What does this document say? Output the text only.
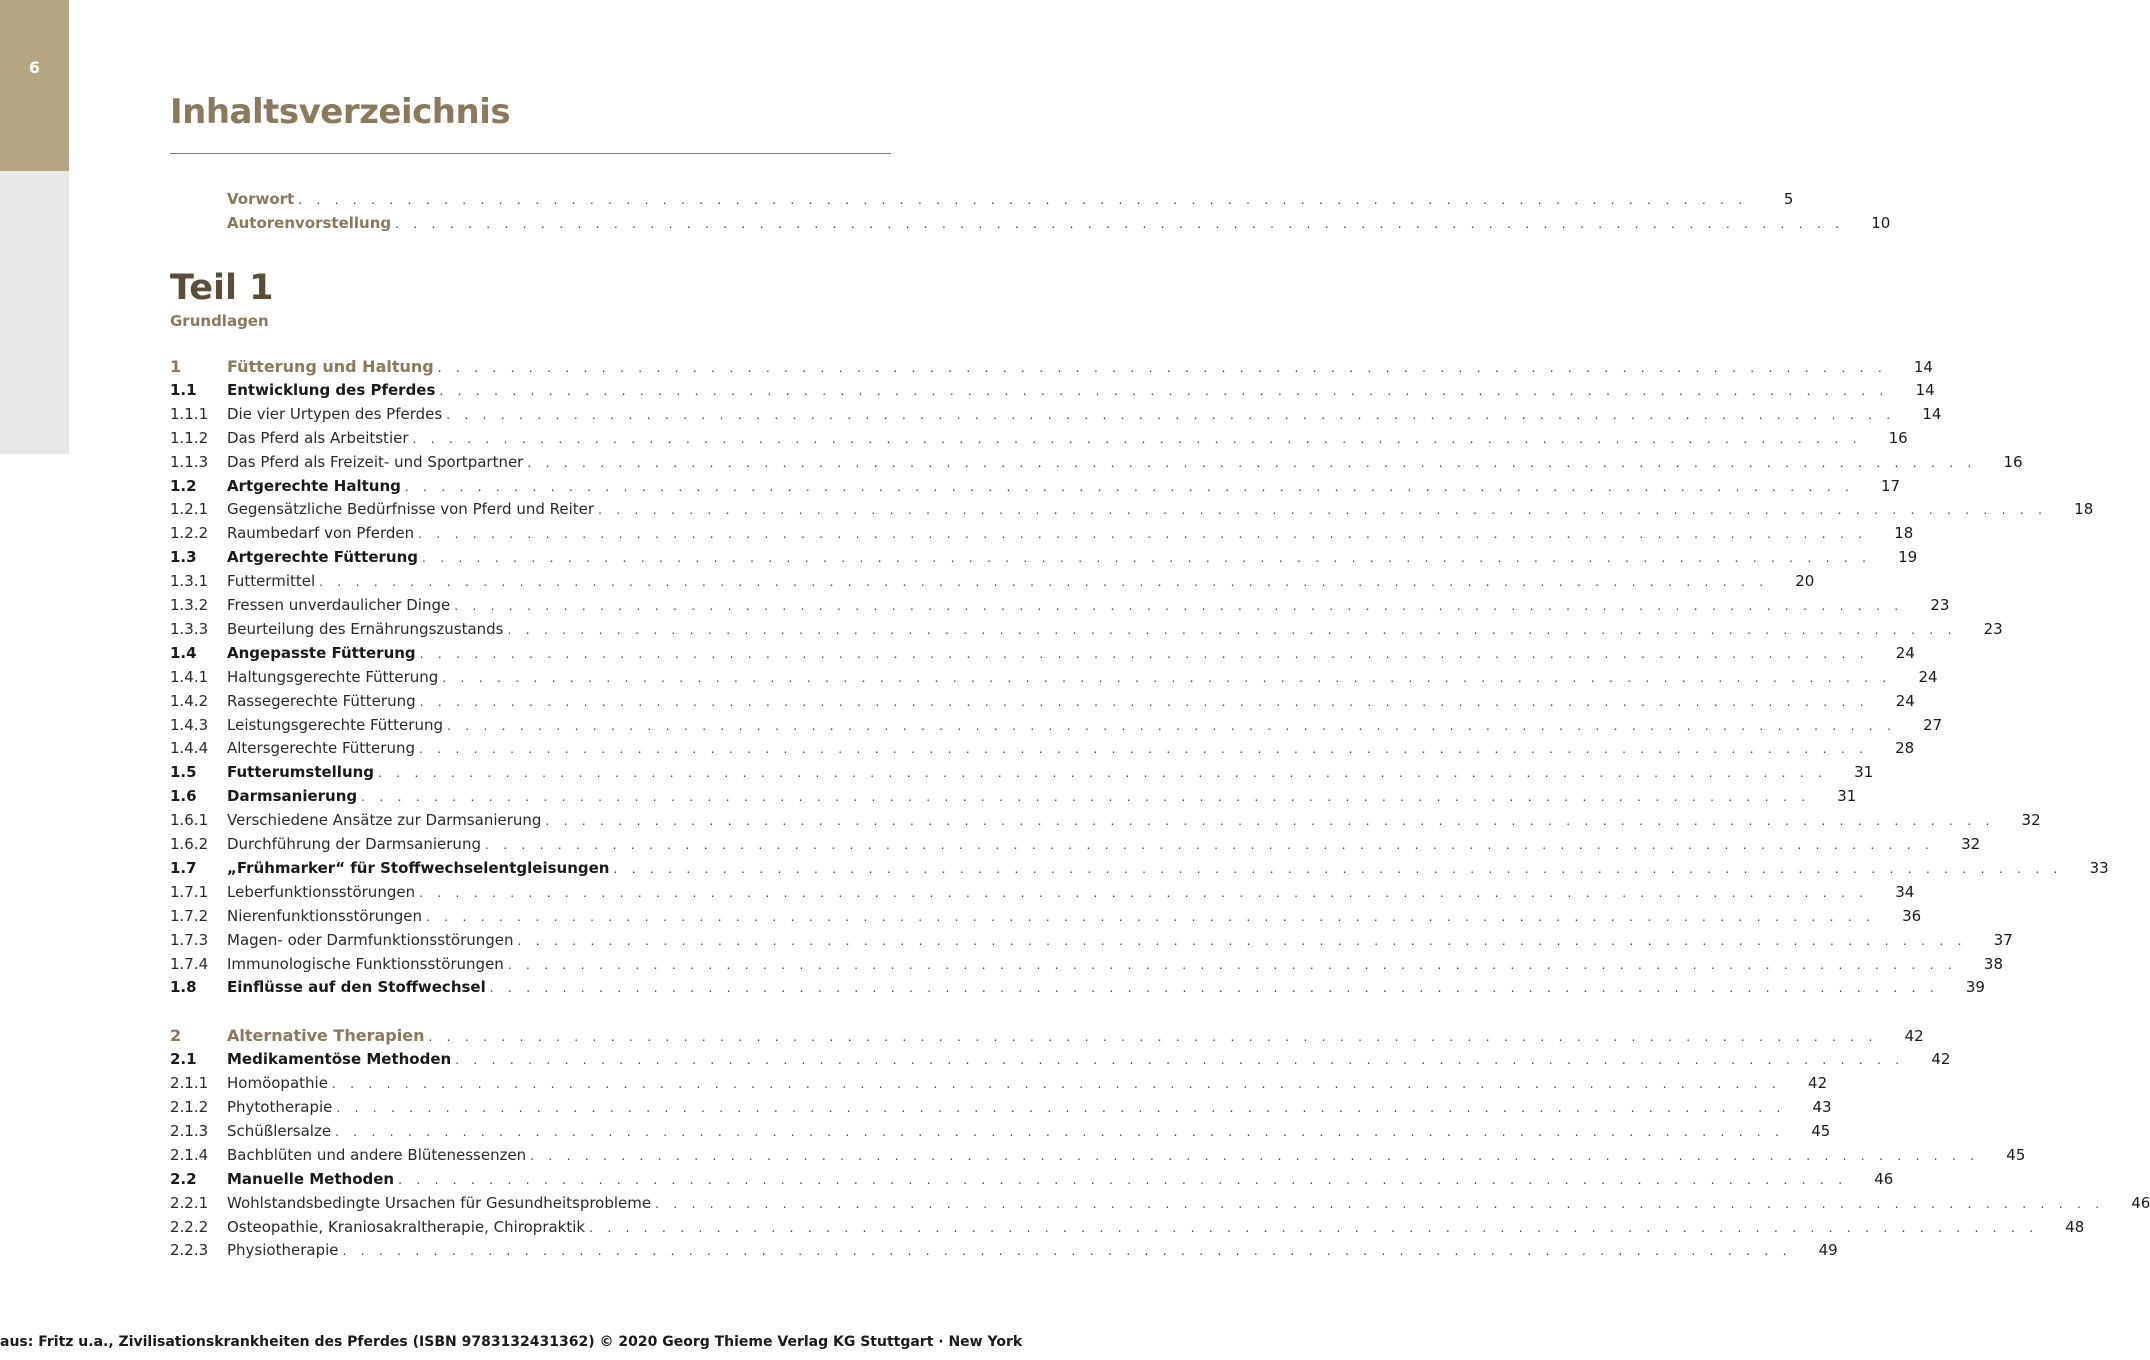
6
Inhaltsverzeichnis
Vorwort . . . . . . . . . . . . . . . . . . . . . . . . . . . . . . . . . . . . . . . . . . . . . . . . . . . . . . . . . . . . . . . . . . . . . . . . . . . . . . . .	5
Autorenvorstellung . . . . . . . . . . . . . . . . . . . . . . . . . . . . . . . . . . . . . . . . . . . . . . . . . . . . . . . . . . . . . . . . . . . . . . . . . . . . . . . .	10
1	Fütterung und Haltung . . . . . . . . . . . . . . . . . . . . . . . . . . . . . . . . . . . . . . . . . . . . . . . . . . . . . . . . . . . . . . . . . . . . . . . . . . . . . . . .	14
1.1	Entwicklung des Pferdes . . . . . . . . . . . . . . . . . . . . . . . . . . . . . . . . . . . . . . . . . . . . . . . . . . . . . . . . . . . . . . . . . . . . . . . . . . . . . . . .	14
1.1.1	Die vier Urtypen des Pferdes . . . . . . . . . . . . . . . . . . . . . . . . . . . . . . . . . . . . . . . . . . . . . . . . . . . . . . . . . . . . . . . . . . . . . . . . . . . . . . . .	14
1.1.2	Das Pferd als Arbeitstier . . . . . . . . . . . . . . . . . . . . . . . . . . . . . . . . . . . . . . . . . . . . . . . . . . . . . . . . . . . . . . . . . . . . . . . . . . . . . . . .	16
1.1.3	Das Pferd als Freizeit- und Sportpartner . . . . . . . . . . . . . . . . . . . . . . . . . . . . . . . . . . . . . . . . . . . . . . . . . . . . . . . . . . . . . . . . . . . . . . . . . . . . . . . .	16
1.2	Artgerechte Haltung . . . . . . . . . . . . . . . . . . . . . . . . . . . . . . . . . . . . . . . . . . . . . . . . . . . . . . . . . . . . . . . . . . . . . . . . . . . . . . . .	17
1.2.1	Gegensätzliche Bedürfnisse von Pferd und Reiter . . . . . . . . . . . . . . . . . . . . . . . . . . . . . . . . . . . . . . . . . . . . . . . . . . . . . . . . . . . . . . . . . . . . . . . . . . . . . . . .	18
1.2.2	Raumbedarf von Pferden . . . . . . . . . . . . . . . . . . . . . . . . . . . . . . . . . . . . . . . . . . . . . . . . . . . . . . . . . . . . . . . . . . . . . . . . . . . . . . . .	18
1.3	Artgerechte Fütterung . . . . . . . . . . . . . . . . . . . . . . . . . . . . . . . . . . . . . . . . . . . . . . . . . . . . . . . . . . . . . . . . . . . . . . . . . . . . . . . .	19
1.3.1	Futtermittel . . . . . . . . . . . . . . . . . . . . . . . . . . . . . . . . . . . . . . . . . . . . . . . . . . . . . . . . . . . . . . . . . . . . . . . . . . . . . . . .	20
1.3.2	Fressen unverdaulicher Dinge . . . . . . . . . . . . . . . . . . . . . . . . . . . . . . . . . . . . . . . . . . . . . . . . . . . . . . . . . . . . . . . . . . . . . . . . . . . . . . . .	23
1.3.3	Beurteilung des Ernährungszustands . . . . . . . . . . . . . . . . . . . . . . . . . . . . . . . . . . . . . . . . . . . . . . . . . . . . . . . . . . . . . . . . . . . . . . . . . . . . . . . .	23
1.4	Angepasste Fütterung . . . . . . . . . . . . . . . . . . . . . . . . . . . . . . . . . . . . . . . . . . . . . . . . . . . . . . . . . . . . . . . . . . . . . . . . . . . . . . . .	24
1.4.1	Haltungsgerechte Fütterung . . . . . . . . . . . . . . . . . . . . . . . . . . . . . . . . . . . . . . . . . . . . . . . . . . . . . . . . . . . . . . . . . . . . . . . . . . . . . . . .	24
1.4.2	Rassegerechte Fütterung . . . . . . . . . . . . . . . . . . . . . . . . . . . . . . . . . . . . . . . . . . . . . . . . . . . . . . . . . . . . . . . . . . . . . . . . . . . . . . . .	24
1.4.3	Leistungsgerechte Fütterung . . . . . . . . . . . . . . . . . . . . . . . . . . . . . . . . . . . . . . . . . . . . . . . . . . . . . . . . . . . . . . . . . . . . . . . . . . . . . . . .	27
1.4.4	Altersgerechte Fütterung . . . . . . . . . . . . . . . . . . . . . . . . . . . . . . . . . . . . . . . . . . . . . . . . . . . . . . . . . . . . . . . . . . . . . . . . . . . . . . . .	28
1.5	Futterumstellung . . . . . . . . . . . . . . . . . . . . . . . . . . . . . . . . . . . . . . . . . . . . . . . . . . . . . . . . . . . . . . . . . . . . . . . . . . . . . . . .	31
1.6	Darmsanierung . . . . . . . . . . . . . . . . . . . . . . . . . . . . . . . . . . . . . . . . . . . . . . . . . . . . . . . . . . . . . . . . . . . . . . . . . . . . . . . .	31
1.6.1	Verschiedene Ansätze zur Darmsanierung . . . . . . . . . . . . . . . . . . . . . . . . . . . . . . . . . . . . . . . . . . . . . . . . . . . . . . . . . . . . . . . . . . . . . . . . . . . . . . . .	32
1.6.2	Durchführung der Darmsanierung . . . . . . . . . . . . . . . . . . . . . . . . . . . . . . . . . . . . . . . . . . . . . . . . . . . . . . . . . . . . . . . . . . . . . . . . . . . . . . . .	32
1.7	„Frühmarker“ für Stoffwechselentgleisungen . . . . . . . . . . . . . . . . . . . . . . . . . . . . . . . . . . . . . . . . . . . . . . . . . . . . . . . . . . . . . . . . . . . . . . . . . . . . . . . .	33
1.7.1	Leberfunktionsstörungen . . . . . . . . . . . . . . . . . . . . . . . . . . . . . . . . . . . . . . . . . . . . . . . . . . . . . . . . . . . . . . . . . . . . . . . . . . . . . . . .	34
1.7.2	Nierenfunktionsstörungen . . . . . . . . . . . . . . . . . . . . . . . . . . . . . . . . . . . . . . . . . . . . . . . . . . . . . . . . . . . . . . . . . . . . . . . . . . . . . . . .	36
1.7.3	Magen- oder Darmfunktionsstörungen . . . . . . . . . . . . . . . . . . . . . . . . . . . . . . . . . . . . . . . . . . . . . . . . . . . . . . . . . . . . . . . . . . . . . . . . . . . . . . . .	37
1.7.4	Immunologische Funktionsstörungen . . . . . . . . . . . . . . . . . . . . . . . . . . . . . . . . . . . . . . . . . . . . . . . . . . . . . . . . . . . . . . . . . . . . . . . . . . . . . . . .	38
1.8	Einflüsse auf den Stoffwechsel . . . . . . . . . . . . . . . . . . . . . . . . . . . . . . . . . . . . . . . . . . . . . . . . . . . . . . . . . . . . . . . . . . . . . . . . . . . . . . . .	39
2	Alternative Therapien . . . . . . . . . . . . . . . . . . . . . . . . . . . . . . . . . . . . . . . . . . . . . . . . . . . . . . . . . . . . . . . . . . . . . . . . . . . . . . . .	42
2.1	Medikamentöse Methoden . . . . . . . . . . . . . . . . . . . . . . . . . . . . . . . . . . . . . . . . . . . . . . . . . . . . . . . . . . . . . . . . . . . . . . . . . . . . . . . .	42
2.1.1	Homöopathie . . . . . . . . . . . . . . . . . . . . . . . . . . . . . . . . . . . . . . . . . . . . . . . . . . . . . . . . . . . . . . . . . . . . . . . . . . . . . . . .	42
2.1.2	Phytotherapie . . . . . . . . . . . . . . . . . . . . . . . . . . . . . . . . . . . . . . . . . . . . . . . . . . . . . . . . . . . . . . . . . . . . . . . . . . . . . . . .	43
2.1.3	Schüßlersalze . . . . . . . . . . . . . . . . . . . . . . . . . . . . . . . . . . . . . . . . . . . . . . . . . . . . . . . . . . . . . . . . . . . . . . . . . . . . . . . .	45
2.1.4	Bachblüten und andere Blütenessenzen . . . . . . . . . . . . . . . . . . . . . . . . . . . . . . . . . . . . . . . . . . . . . . . . . . . . . . . . . . . . . . . . . . . . . . . . . . . . . . . .	45
2.2	Manuelle Methoden . . . . . . . . . . . . . . . . . . . . . . . . . . . . . . . . . . . . . . . . . . . . . . . . . . . . . . . . . . . . . . . . . . . . . . . . . . . . . . . .	46
2.2.1	Wohlstandsbedingte Ursachen für Gesundheitsprobleme . . . . . . . . . . . . . . . . . . . . . . . . . . . . . . . . . . . . . . . . . . . . . . . . . . . . . . . . . . . . . . . . . . . . . . . . . . . . . . . .	46
2.2.2	Osteopathie, Kraniosakraltherapie, Chiropraktik . . . . . . . . . . . . . . . . . . . . . . . . . . . . . . . . . . . . . . . . . . . . . . . . . . . . . . . . . . . . . . . . . . . . . . . . . . . . . . . .	48
2.2.3	Physiotherapie . . . . . . . . . . . . . . . . . . . . . . . . . . . . . . . . . . . . . . . . . . . . . . . . . . . . . . . . . . . . . . . . . . . . . . . . . . . . . . . .	49
Teil 1
Grundlagen
aus: Fritz u.a., Zivilisationskrankheiten des Pferdes (ISBN 9783132431362) © 2020 Georg Thieme Verlag KG Stuttgart · New York
